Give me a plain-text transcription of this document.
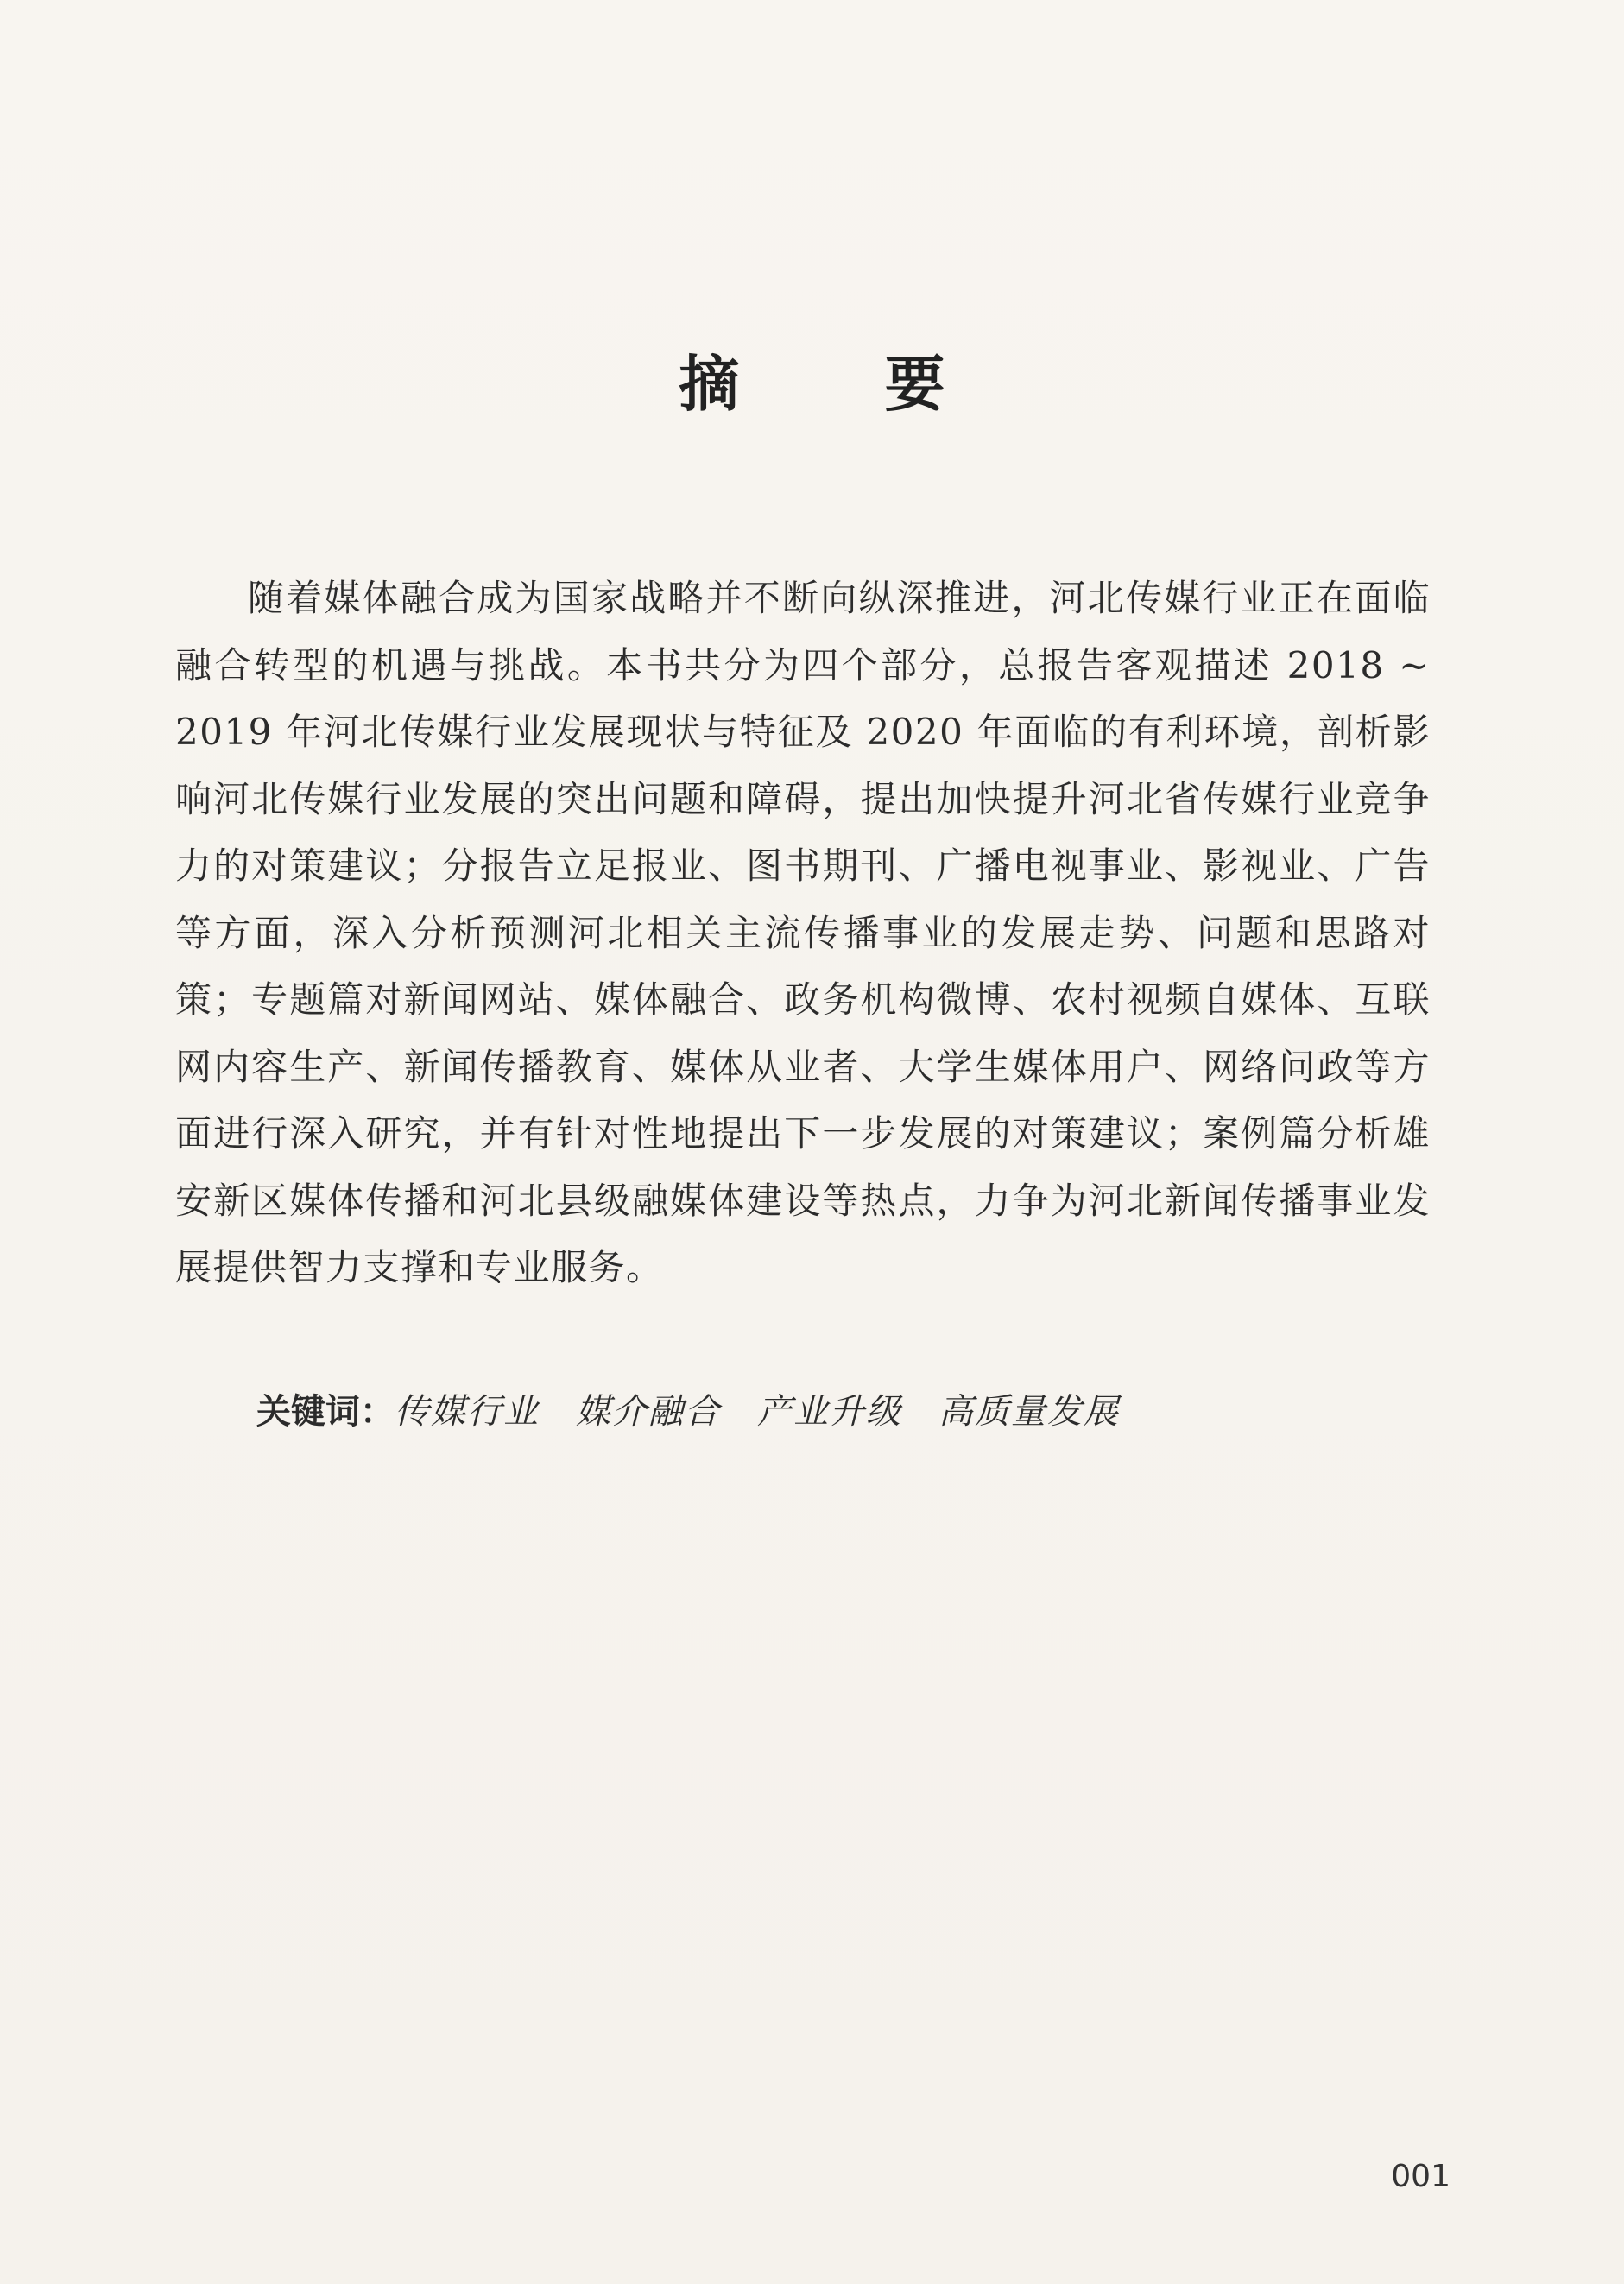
摘 要

随着媒体融合成为国家战略并不断向纵深推进，河北传媒行业正在面临融合转型的机遇与挑战。本书共分为四个部分，总报告客观描述 2018 ~ 2019 年河北传媒行业发展现状与特征及 2020 年面临的有利环境，剖析影响河北传媒行业发展的突出问题和障碍，提出加快提升河北省传媒行业竞争力的对策建议；分报告立足报业、图书期刊、广播电视事业、影视业、广告等方面，深入分析预测河北相关主流传播事业的发展走势、问题和思路对策；专题篇对新闻网站、媒体融合、政务机构微博、农村视频自媒体、互联网内容生产、新闻传播教育、媒体从业者、大学生媒体用户、网络问政等方面进行深入研究，并有针对性地提出下一步发展的对策建议；案例篇分析雄安新区媒体传播和河北县级融媒体建设等热点，力争为河北新闻传播事业发展提供智力支撑和专业服务。

关键词：传媒行业 媒介融合 产业升级 高质量发展
001
